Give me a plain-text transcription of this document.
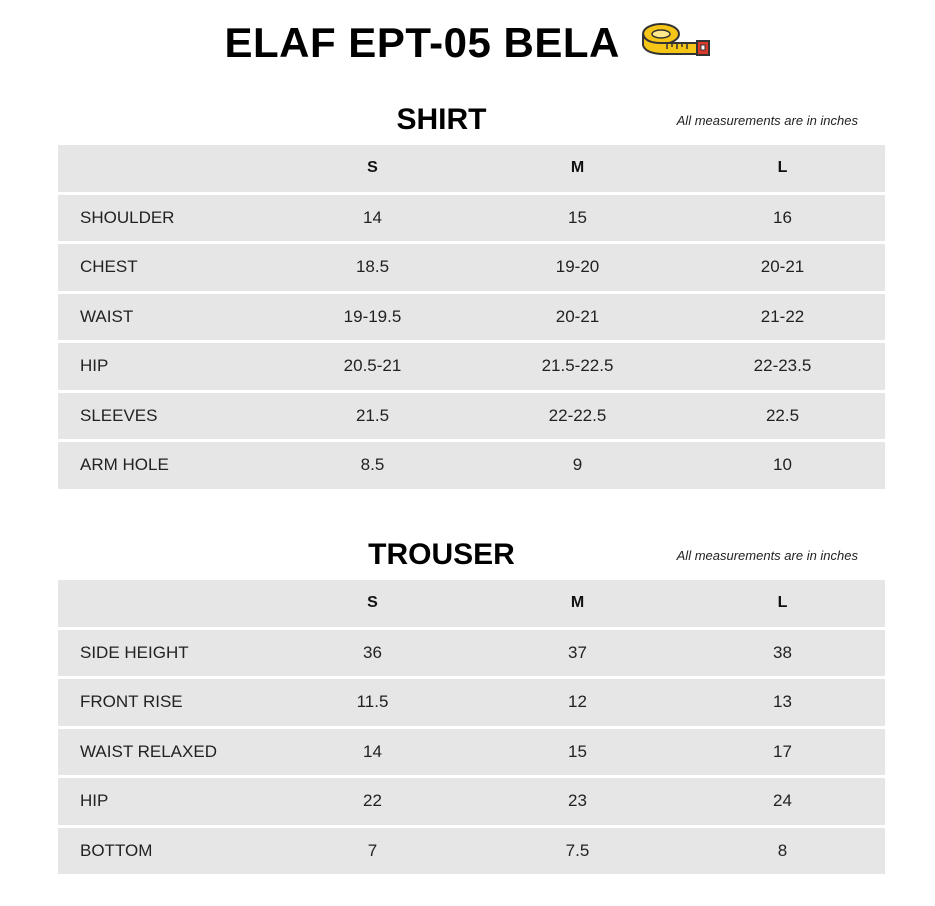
ELAF EPT-05 BELA
SHIRT	All measurements are in inches
	S	M	L
SHOULDER	14	15	16
CHEST	18.5	19-20	20-21
WAIST	19-19.5	20-21	21-22
HIP	20.5-21	21.5-22.5	22-23.5
SLEEVES	21.5	22-22.5	22.5
ARM HOLE	8.5	9	10
TROUSER	All measurements are in inches
	S	M	L
SIDE HEIGHT	36	37	38
FRONT RISE	11.5	12	13
WAIST RELAXED	14	15	17
HIP	22	23	24
BOTTOM	7	7.5	8
